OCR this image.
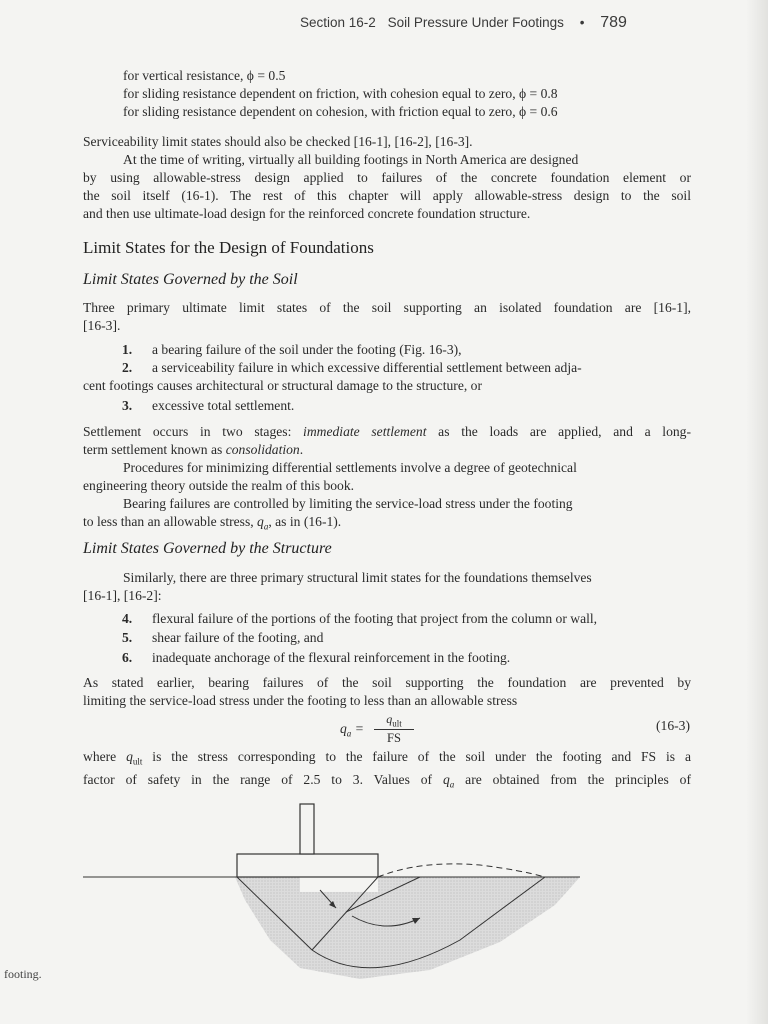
Section 16-2 Soil Pressure Under Footings • 789
for vertical resistance, ϕ = 0.5
for sliding resistance dependent on friction, with cohesion equal to zero, ϕ = 0.8
for sliding resistance dependent on cohesion, with friction equal to zero, ϕ = 0.6
Serviceability limit states should also be checked [16-1], [16-2], [16-3].
At the time of writing, virtually all building footings in North America are designed
by using allowable-stress design applied to failures of the concrete foundation element or
the soil itself (16-1). The rest of this chapter will apply allowable-stress design to the soil
and then use ultimate-load design for the reinforced concrete foundation structure.
Limit States for the Design of Foundations
Limit States Governed by the Soil
Three primary ultimate limit states of the soil supporting an isolated foundation are [16-1],
[16-3].
1. a bearing failure of the soil under the footing (Fig. 16-3),
2. a serviceability failure in which excessive differential settlement between adja-
cent footings causes architectural or structural damage to the structure, or
3. excessive total settlement.
Settlement occurs in two stages: immediate settlement as the loads are applied, and a long-
term settlement known as consolidation.
Procedures for minimizing differential settlements involve a degree of geotechnical
engineering theory outside the realm of this book.
Bearing failures are controlled by limiting the service-load stress under the footing
to less than an allowable stress, $q_a$, as in (16-1).
Limit States Governed by the Structure
Similarly, there are three primary structural limit states for the foundations themselves
[16-1], [16-2]:
4. flexural failure of the portions of the footing that project from the column or wall,
5. shear failure of the footing, and
6. inadequate anchorage of the flexural reinforcement in the footing.
As stated earlier, bearing failures of the soil supporting the foundation are prevented by
limiting the service-load stress under the footing to less than an allowable stress
$q_a$ =
$q_{ult}$
FS
(16-3)
where $q_{ult}$ is the stress corresponding to the failure of the soil under the footing and FS is a
factor of safety in the range of 2.5 to 3. Values of $q_a$ are obtained from the principles of
footing.
